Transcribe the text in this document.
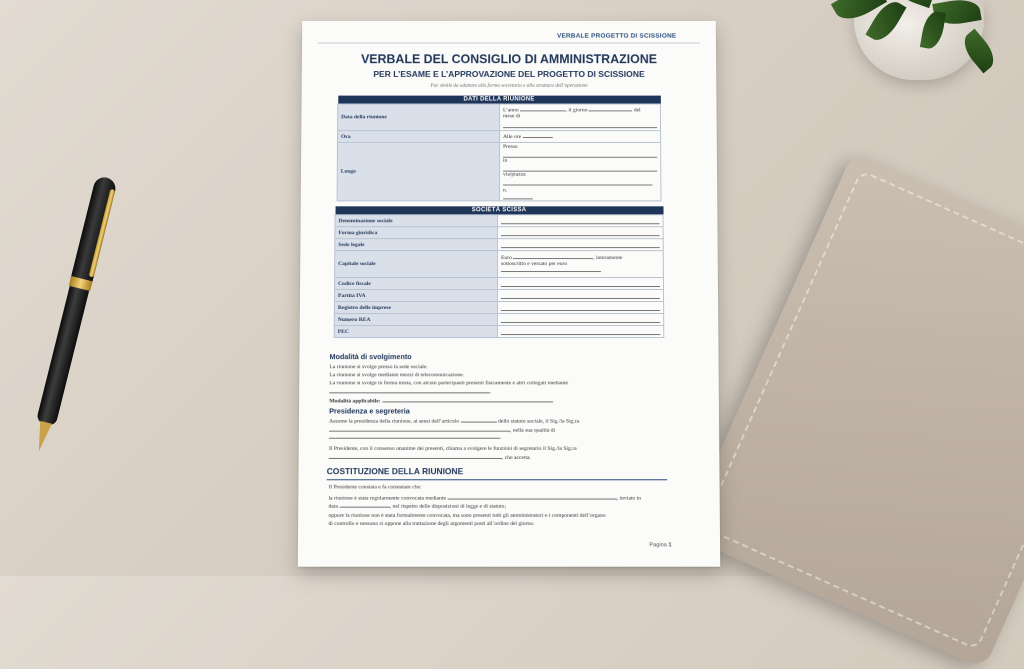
VERBALE PROGETTO DI SCISSIONE
VERBALE DEL CONSIGLIO DI AMMINISTRAZIONE
PER L’ESAME E L’APPROVAZIONE DEL PROGETTO DI SCISSIONE
Fac simile da adattare alla forma societaria e alla struttura dell’operazione
DATI DELLA RIUNIONE	
Data della riunione	L’anno , il giorno del
mese di

Ora	Alle ore
Luogo	Presso
in
via/piazza n.
SOCIETÀ SCISSA	
Denominazione sociale	

Forma giuridica	

Sede legale	

Capitale sociale	Euro , interamente
sottoscritto e versato per euro

Codice fiscale	

Partita IVA	

Registro delle imprese	

Numero REA	

PEC	
Modalità di svolgimento
La riunione si svolge presso la sede sociale.
La riunione si svolge mediante mezzi di telecomunicazione.
La riunione si svolge in forma mista, con alcuni partecipanti presenti fisicamente e altri collegati mediante
.
Modalità applicabile:
Presidenza e segreteria
Assume la presidenza della riunione, ai sensi dell’articolo	dello statuto sociale, il Sig./la Sig.ra
, nella sua qualità di
.
Il Presidente, con il consenso unanime dei presenti, chiama a svolgere le funzioni di segretario il Sig./la Sig.ra
, che accetta.
COSTITUZIONE DELLA RIUNIONE
Il Presidente constata e fa constatare che:
la riunione è stata regolarmente convocata mediante	, inviato in
data	, nel rispetto delle disposizioni di legge e di statuto;
oppure la riunione non è stata formalmente convocata, ma sono presenti tutti gli amministratori e i componenti dell’organo
di controllo e nessuno si oppone alla trattazione degli argomenti posti all’ordine del giorno.
Pagina 1
